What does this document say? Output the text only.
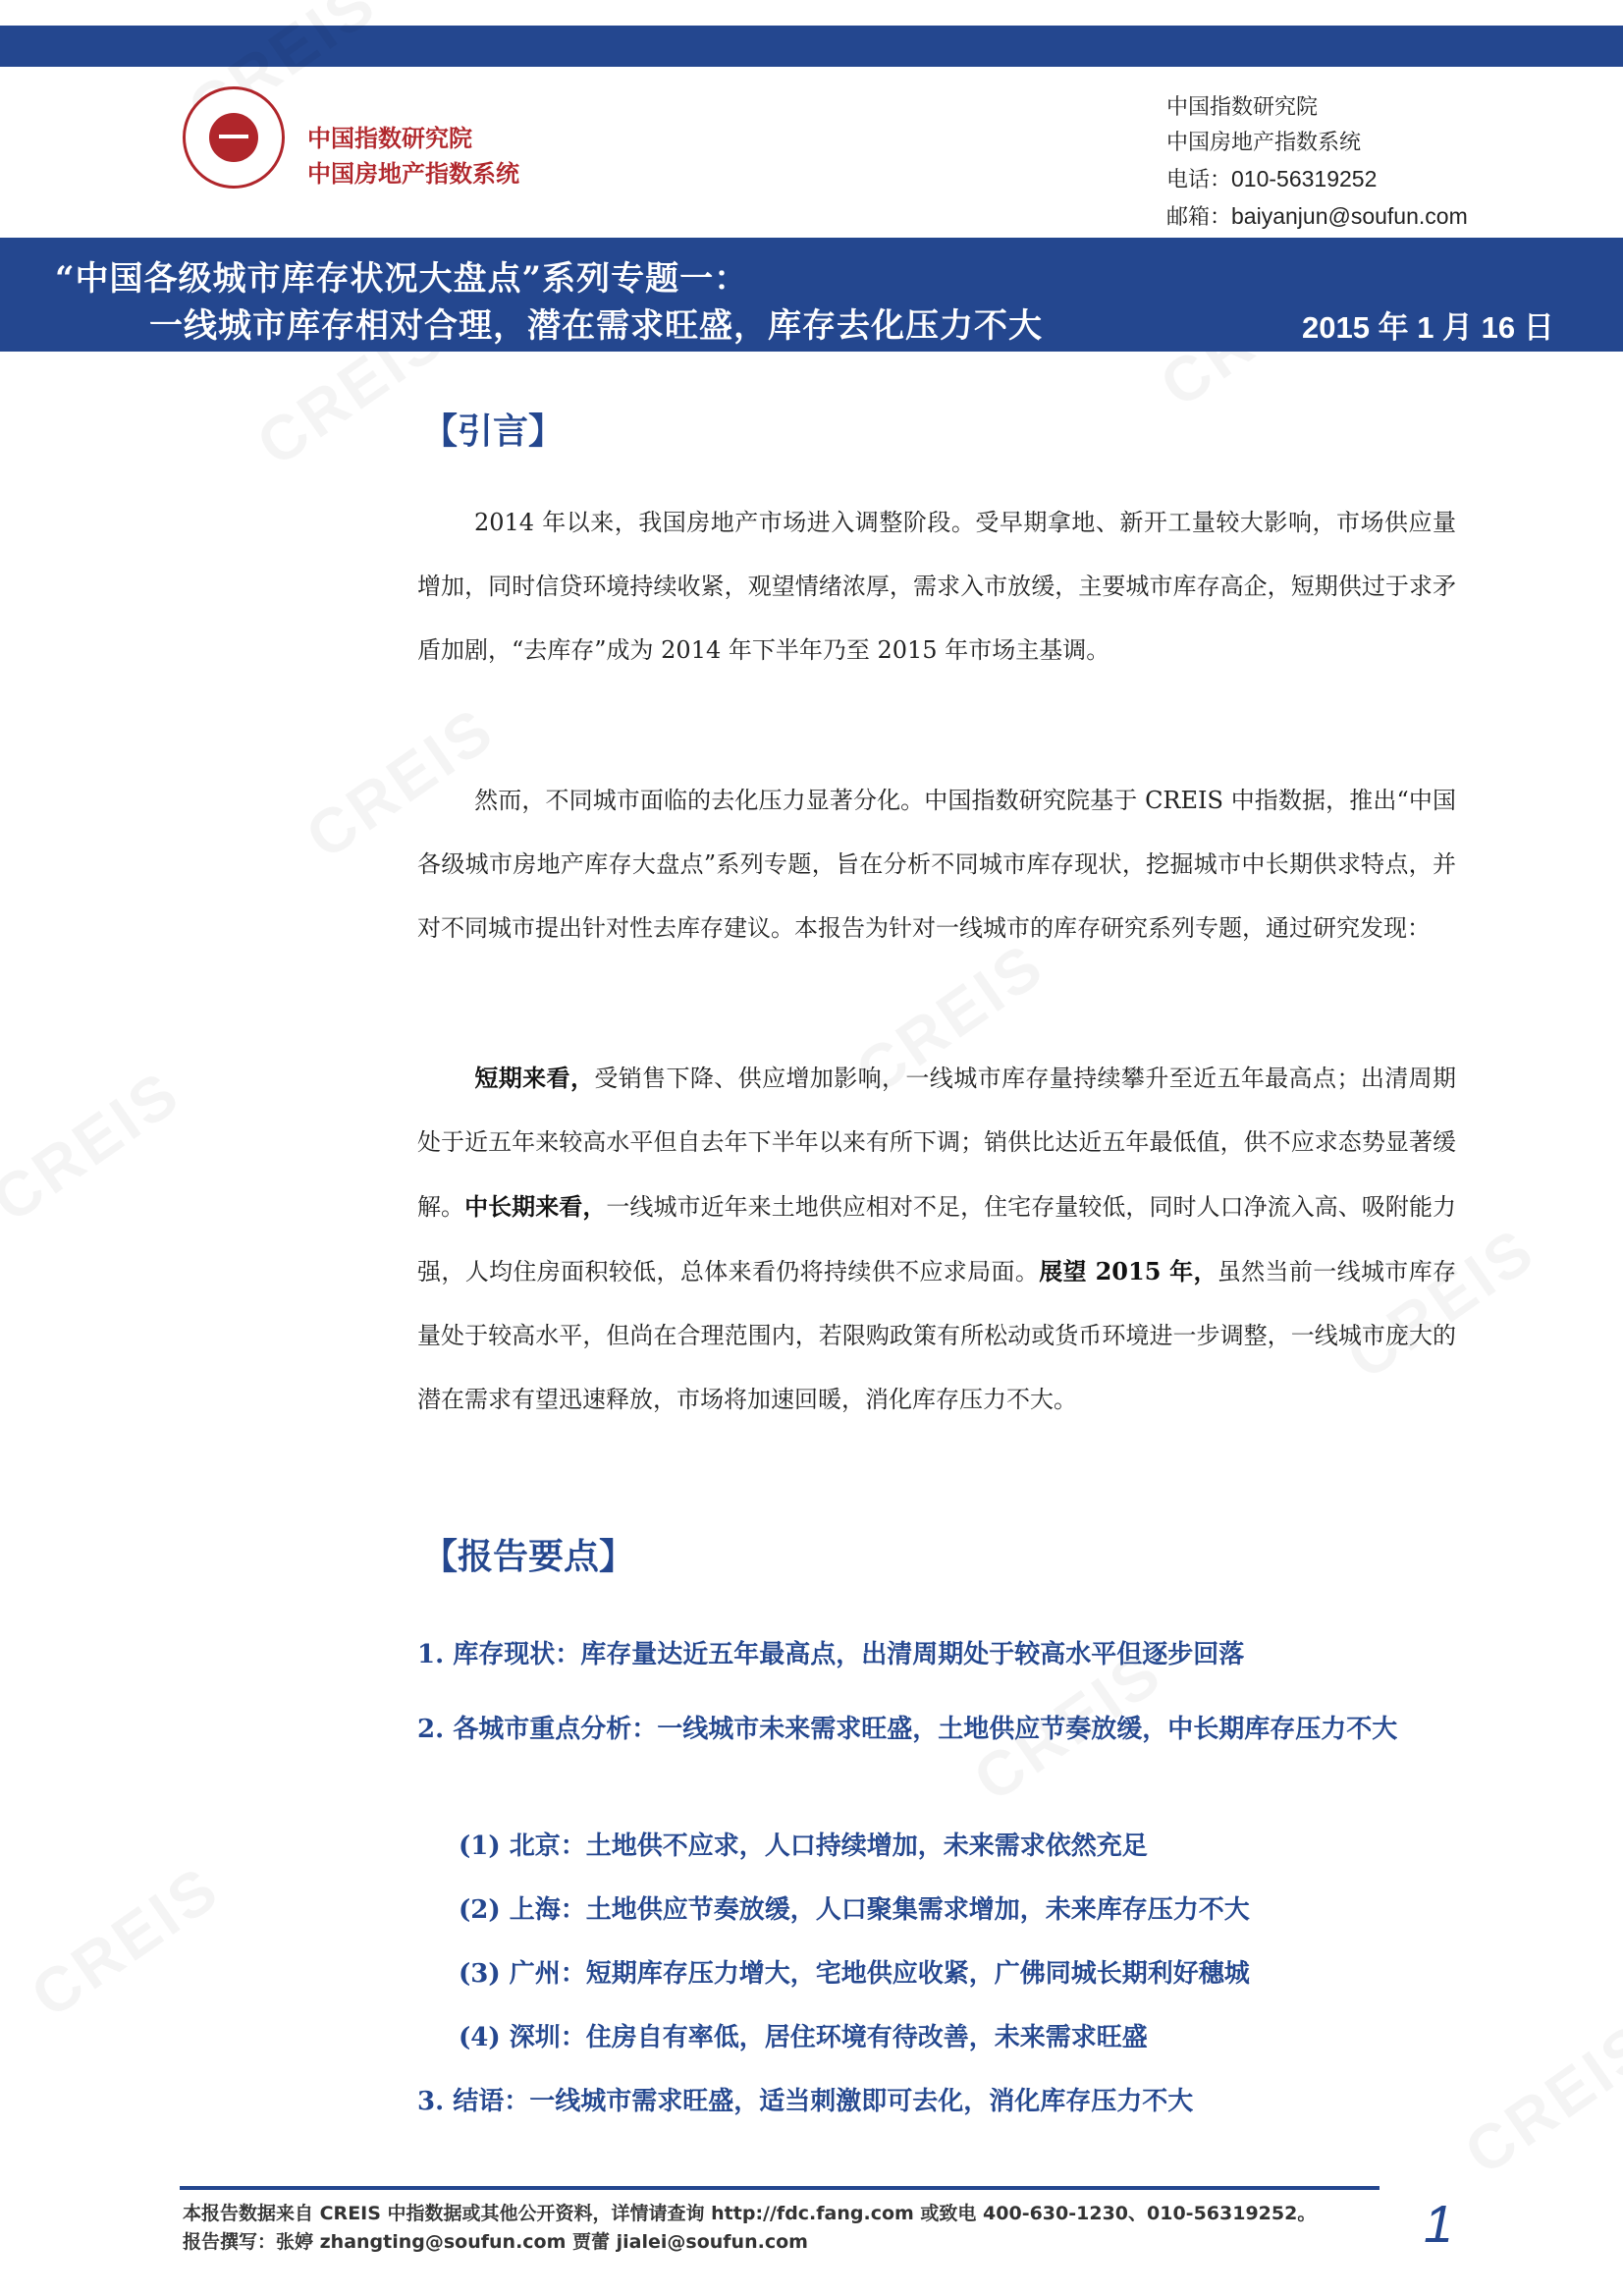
中国指数研究院
中国房地产指数系统
中国指数研究院
中国房地产指数系统
电话：010-56319252
邮箱：baiyanjun@soufun.com
“中国各级城市库存状况大盘点”系列专题一：
一线城市库存相对合理，潜在需求旺盛，库存去化压力不大	2015 年 1 月 16 日
【引言】
2014 年以来，我国房地产市场进入调整阶段。受早期拿地、新开工量较大影响，市场供应量增加，同时信贷环境持续收紧，观望情绪浓厚，需求入市放缓，主要城市库存高企，短期供过于求矛盾加剧，“去库存”成为 2014 年下半年乃至 2015 年市场主基调。
然而，不同城市面临的去化压力显著分化。中国指数研究院基于 CREIS 中指数据，推出“中国各级城市房地产库存大盘点”系列专题，旨在分析不同城市库存现状，挖掘城市中长期供求特点，并对不同城市提出针对性去库存建议。本报告为针对一线城市的库存研究系列专题，通过研究发现：
短期来看，受销售下降、供应增加影响，一线城市库存量持续攀升至近五年最高点；出清周期处于近五年来较高水平但自去年下半年以来有所下调；销供比达近五年最低值，供不应求态势显著缓解。中长期来看，一线城市近年来土地供应相对不足，住宅存量较低，同时人口净流入高、吸附能力强，人均住房面积较低，总体来看仍将持续供不应求局面。展望 2015 年，虽然当前一线城市库存量处于较高水平，但尚在合理范围内，若限购政策有所松动或货币环境进一步调整，一线城市庞大的潜在需求有望迅速释放，市场将加速回暖，消化库存压力不大。
【报告要点】
1. 库存现状：库存量达近五年最高点，出清周期处于较高水平但逐步回落
2. 各城市重点分析：一线城市未来需求旺盛，土地供应节奏放缓，中长期库存压力不大
(1) 北京：土地供不应求，人口持续增加，未来需求依然充足
(2) 上海：土地供应节奏放缓，人口聚集需求增加，未来库存压力不大
(3) 广州：短期库存压力增大，宅地供应收紧，广佛同城长期利好穗城
(4) 深圳：住房自有率低，居住环境有待改善，未来需求旺盛
3. 结语：一线城市需求旺盛，适当刺激即可去化，消化库存压力不大
本报告数据来自 CREIS 中指数据或其他公开资料，详情请查询 http://fdc.fang.com 或致电 400-630-1230、010-56319252。
报告撰写：张婷 zhangting@soufun.com 贾蕾 jialei@soufun.com	1
